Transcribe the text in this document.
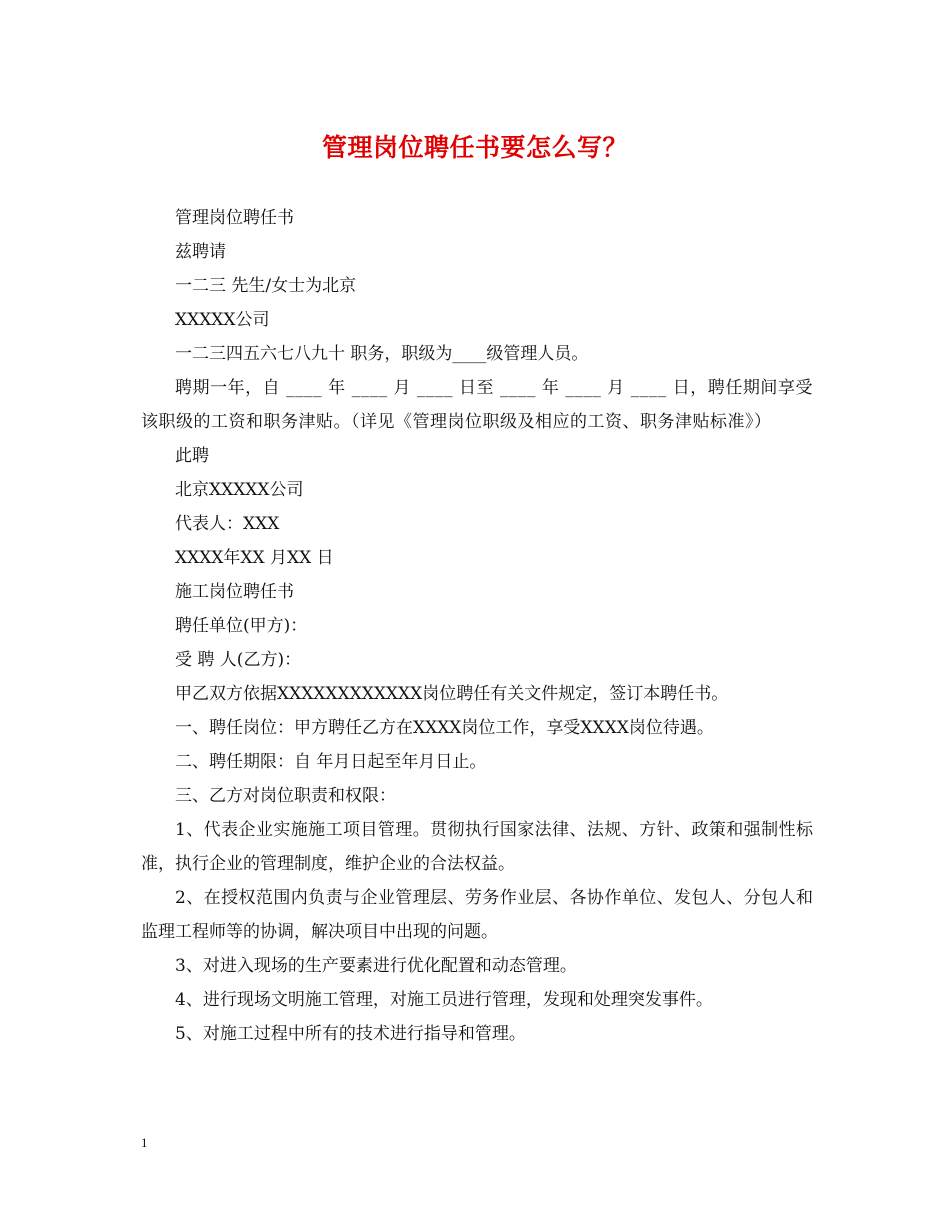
管理岗位聘任书要怎么写？

管理岗位聘任书

兹聘请

一二三 先生/女士为北京

XXXXX公司

一二三四五六七八九十 职务，职级为____级管理人员。

聘期一年，自 ____ 年 ____ 月 ____ 日至 ____ 年 ____ 月 ____ 日，聘任期间享受该职级的工资和职务津贴。（详见《管理岗位职级及相应的工资、职务津贴标准》）

此聘

北京XXXXX公司

代表人：XXX

XXXX年XX 月XX 日

施工岗位聘任书

聘任单位(甲方)：

受 聘 人(乙方)：

甲乙双方依据XXXXXXXXXXXX岗位聘任有关文件规定，签订本聘任书。

一、聘任岗位：甲方聘任乙方在XXXX岗位工作，享受XXXX岗位待遇。

二、聘任期限：自 年月日起至年月日止。

三、乙方对岗位职责和权限：

1、代表企业实施施工项目管理。贯彻执行国家法律、法规、方针、政策和强制性标准，执行企业的管理制度，维护企业的合法权益。

2、在授权范围内负责与企业管理层、劳务作业层、各协作单位、发包人、分包人和监理工程师等的协调，解决项目中出现的问题。

3、对进入现场的生产要素进行优化配置和动态管理。

4、进行现场文明施工管理，对施工员进行管理，发现和处理突发事件。

5、对施工过程中所有的技术进行指导和管理。

1
